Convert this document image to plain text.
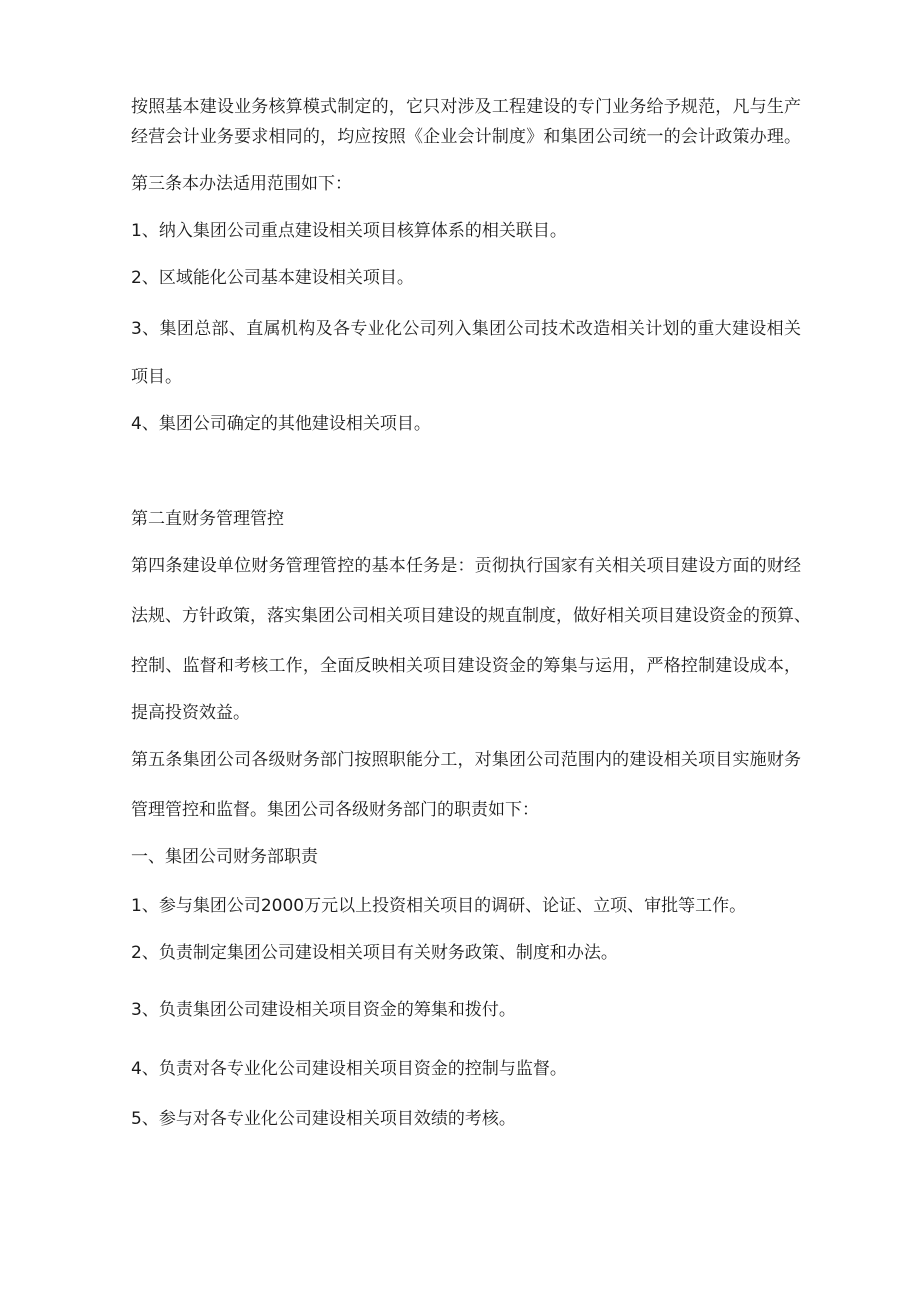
按照基本建设业务核算模式制定的，它只对涉及工程建设的专门业务给予规范，凡与生产
经营会计业务要求相同的，均应按照《企业会计制度》和集团公司统一的会计政策办理。
第三条本办法适用范围如下：
1、纳入集团公司重点建设相关项目核算体系的相关联目。
2、区域能化公司基本建设相关项目。
3、集团总部、直属机构及各专业化公司列入集团公司技术改造相关计划的重大建设相关
项目。
4、集团公司确定的其他建设相关项目。
第二直财务管理管控
第四条建设单位财务管理管控的基本任务是：贡彻执行国家有关相关项目建设方面的财经
法规、方针政策，落实集团公司相关项目建设的规直制度，做好相关项目建设资金的预算、
控制、监督和考核工作，全面反映相关项目建设资金的筹集与运用，严格控制建设成本，
提高投资效益。
第五条集团公司各级财务部门按照职能分工，对集团公司范围内的建设相关项目实施财务
管理管控和监督。集团公司各级财务部门的职责如下：
一、集团公司财务部职责
1、参与集团公司2000万元以上投资相关项目的调研、论证、立项、审批等工作。
2、负责制定集团公司建设相关项目有关财务政策、制度和办法。
3、负责集团公司建设相关项目资金的筹集和拨付。
4、负责对各专业化公司建设相关项目资金的控制与监督。
5、参与对各专业化公司建设相关项目效绩的考核。
